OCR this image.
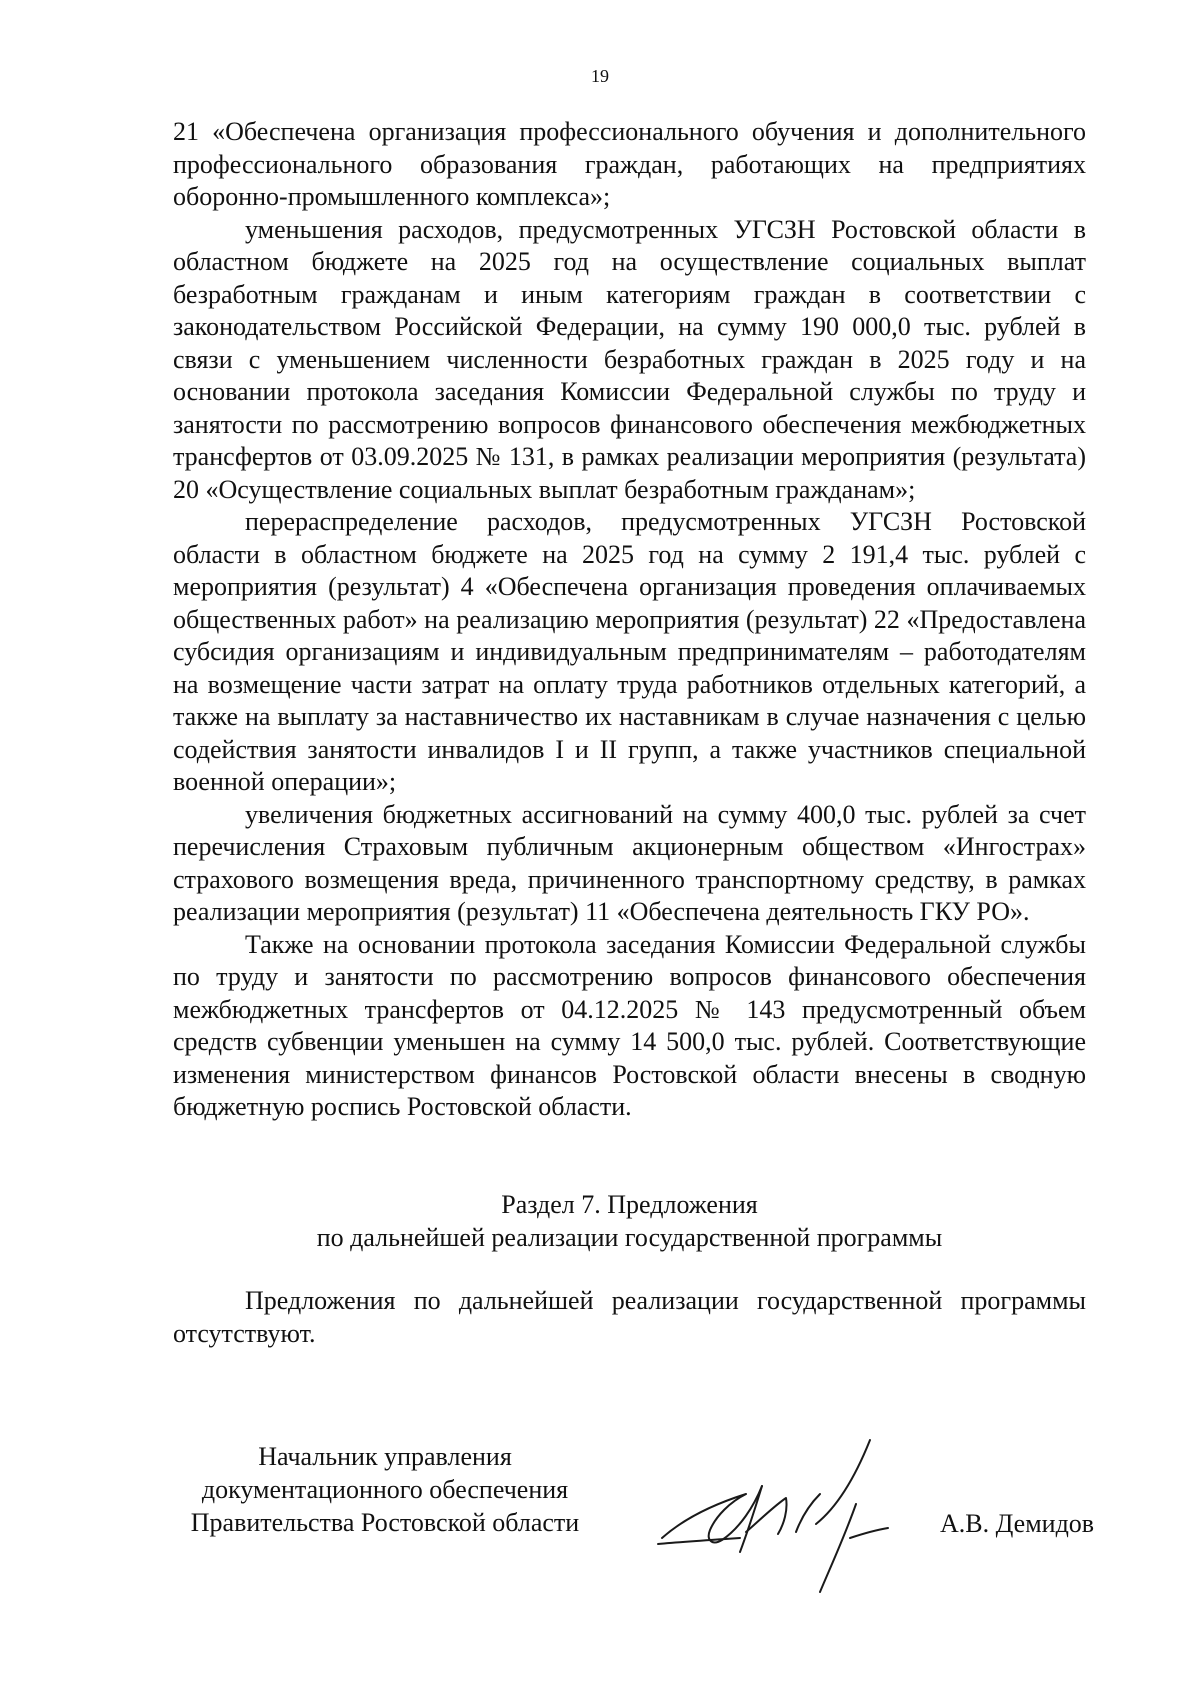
19

21 «Обеспечена организация профессионального обучения и дополнительного профессионального образования граждан, работающих на предприятиях оборонно-промышленного комплекса»;

уменьшения расходов, предусмотренных УГСЗН Ростовской области в областном бюджете на 2025 год на осуществление социальных выплат безработным гражданам и иным категориям граждан в соответствии с законодательством Российской Федерации, на сумму 190 000,0 тыс. рублей в связи с уменьшением численности безработных граждан в 2025 году и на основании протокола заседания Комиссии Федеральной службы по труду и занятости по рассмотрению вопросов финансового обеспечения межбюджетных трансфертов от 03.09.2025 № 131, в рамках реализации мероприятия (результата) 20 «Осуществление социальных выплат безработным гражданам»;

перераспределение расходов, предусмотренных УГСЗН Ростовской области в областном бюджете на 2025 год на сумму 2 191,4 тыс. рублей с мероприятия (результат) 4 «Обеспечена организация проведения оплачиваемых общественных работ» на реализацию мероприятия (результат) 22 «Предоставлена субсидия организациям и индивидуальным предпринимателям – работодателям на возмещение части затрат на оплату труда работников отдельных категорий, а также на выплату за наставничество их наставникам в случае назначения с целью содействия занятости инвалидов I и II групп, а также участников специальной военной операции»;

увеличения бюджетных ассигнований на сумму 400,0 тыс. рублей за счет перечисления Страховым публичным акционерным обществом «Ингострах» страхового возмещения вреда, причиненного транспортному средству, в рамках реализации мероприятия (результат) 11 «Обеспечена деятельность ГКУ РО».

Также на основании протокола заседания Комиссии Федеральной службы по труду и занятости по рассмотрению вопросов финансового обеспечения межбюджетных трансфертов от 04.12.2025 № 143 предусмотренный объем средств субвенции уменьшен на сумму 14 500,0 тыс. рублей. Соответствующие изменения министерством финансов Ростовской области внесены в сводную бюджетную роспись Ростовской области.

Раздел 7. Предложения
по дальнейшей реализации государственной программы
Предложения по дальнейшей реализации государственной программы отсутствуют.
Начальник управления
документационного обеспечения
Правительства Ростовской области	А.В. Демидов
